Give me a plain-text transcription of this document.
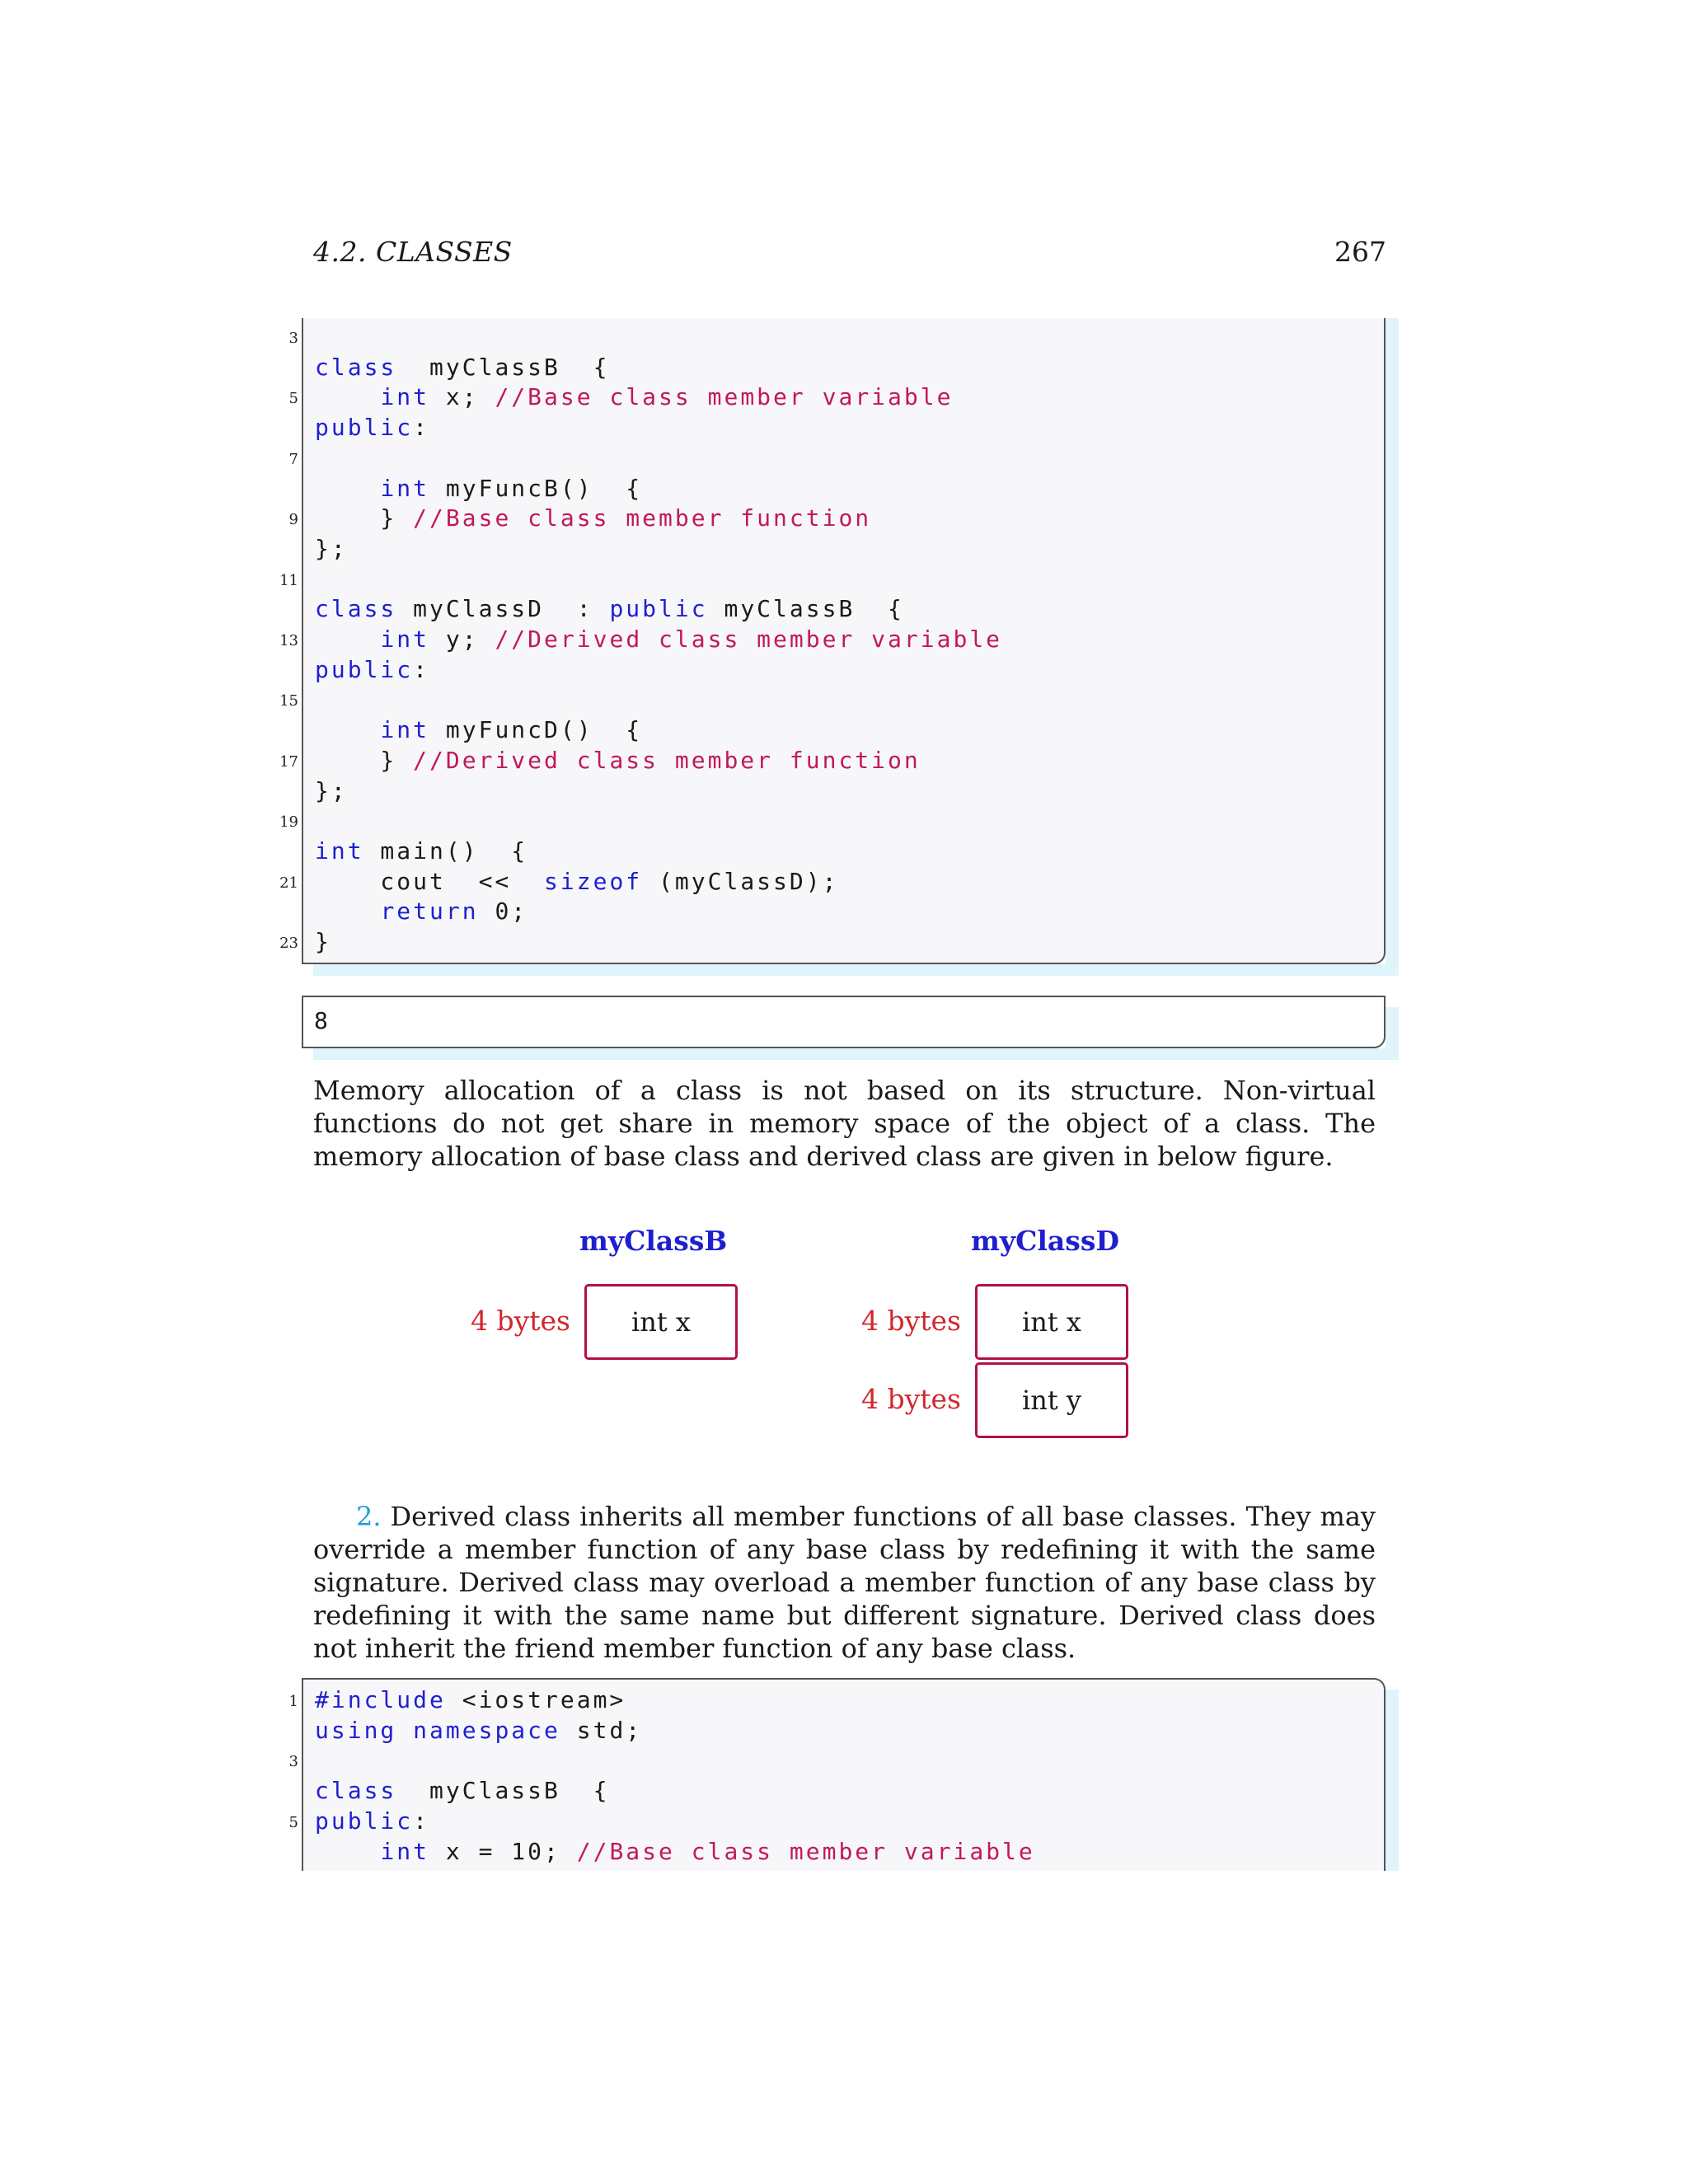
4.2. CLASSES	267
3
class  myClassB  {
5	int x; //Base class member variable
public:
7
int myFuncB()  {
9 } //Base class member function
};
11
class myClassD  : public myClassB  {
13	int y; //Derived class member variable
public:
15
int myFuncD()  {
17 } //Derived class member function
};
19
int main()  {
21 cout  <<  sizeof (myClassD);
return 0;
23 }
8
Memory allocation of a class is not based on its structure. Non-virtual functions do not get share in memory space of the object of a class. The memory allocation of base class and derived class are given in below figure.
myClassB	myClassD
4 bytes	int x	4 bytes	int x
4 bytes	int y
2. Derived class inherits all member functions of all base classes. They may override a member function of any base class by redefining it with the same signature. Derived class may overload a member function of any base class by redefining it with the same name but different signature. Derived class does not inherit the friend member function of any base class.
1 #include <iostream>
using namespace std;
3
class  myClassB  {
5 public:
int x = 10; //Base class member variable
